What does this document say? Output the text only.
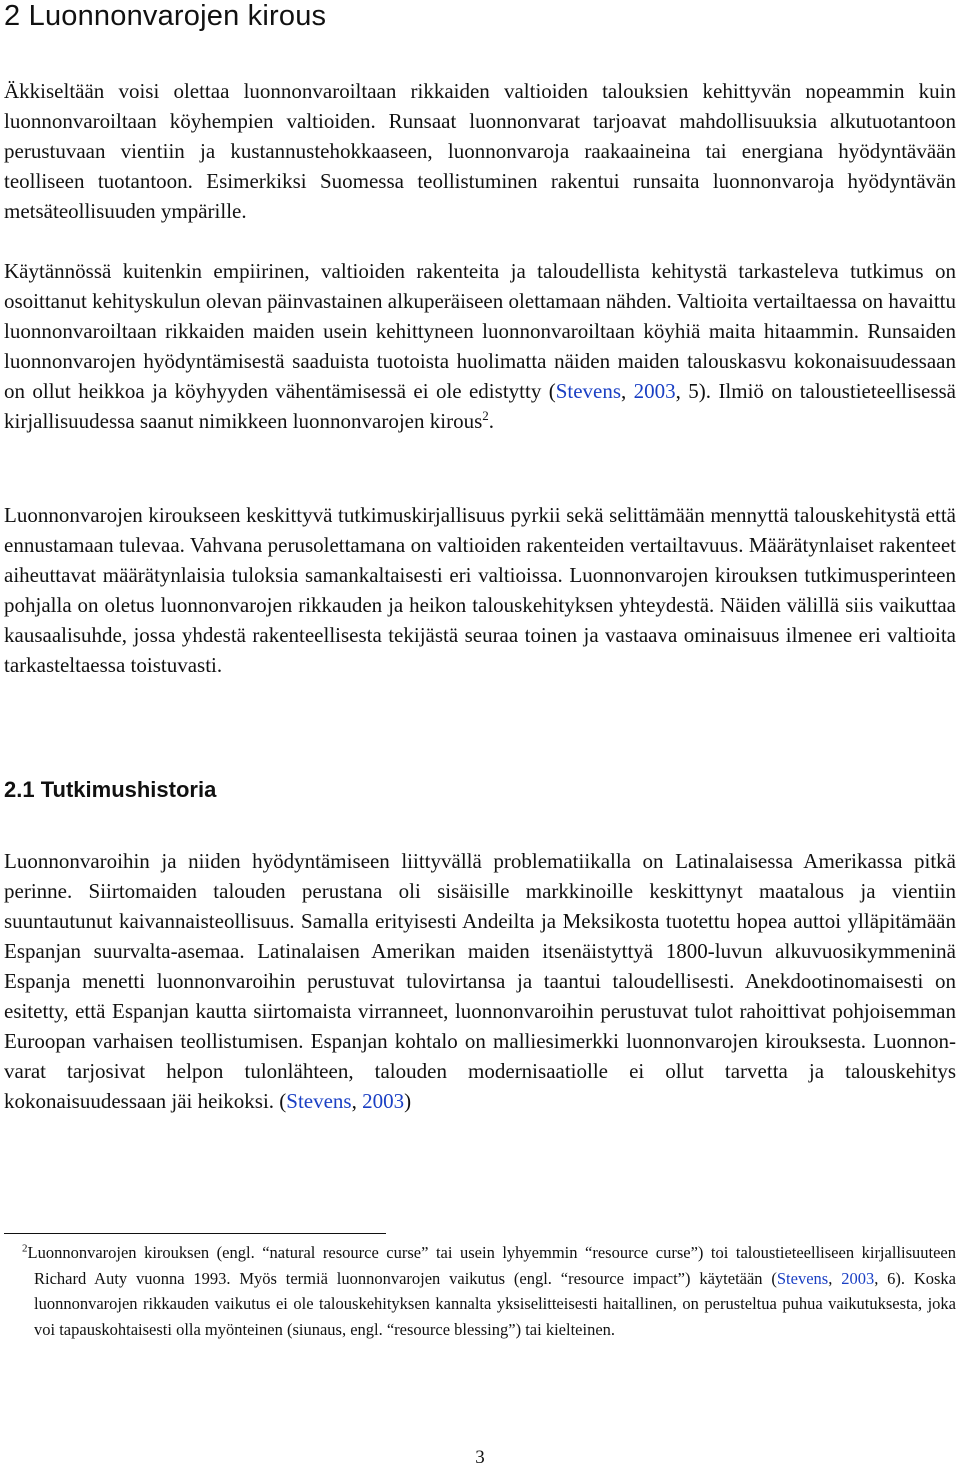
2 Luonnonvarojen kirous

Äkkiseltään voisi olettaa luonnonvaroiltaan rikkaiden valtioiden talouksien kehittyvän nopeammin kuin luonnonvaroiltaan köyhempien valtioiden. Runsaat luonnonvarat tarjoavat mahdollisuuksia alkutuotantoon perustuvaan vientiin ja kustannustehokkaaseen, luonnonvaroja raakaaineina tai energiana hyödyntävään teolliseen tuotantoon. Esimerkiksi Suomessa teollistuminen rakentui runsaita luonnonvaroja hyödyntävän metsäteollisuuden ympärille.

Käytännössä kuitenkin empiirinen, valtioiden rakenteita ja taloudellista kehitystä tarkasteleva tutkimus on osoittanut kehityskulun olevan päinvastainen alkuperäiseen olettamaan nähden. Valtioita vertailtaessa on havaittu luonnonvaroiltaan rikkaiden maiden usein kehittyneen luonnonvaroiltaan köyhiä maita hitaammin. Runsaiden luonnonvarojen hyödyntämisestä saaduista tuotoista huolimatta näiden maiden talouskasvu kokonaisuudessaan on ollut heikkoa ja köyhyyden vähentämisessä ei ole edistytty (Stevens, 2003, 5). Ilmiö on taloustieteellisessä kirjallisuudessa saanut nimikkeen luonnonvarojen kirous$^2$.

Luonnonvarojen kiroukseen keskittyvä tutkimuskirjallisuus pyrkii sekä selittämään mennyttä talouskehitystä että ennustamaan tulevaa. Vahvana perusolettamana on valtioiden rakenteiden vertailtavuus. Määrätynlaiset rakenteet aiheuttavat määrätynlaisia tuloksia samankaltaisesti eri valtioissa. Luonnonvarojen kirouksen tutkimusperinteen pohjalla on oletus luonnonvarojen rikkauden ja heikon talouskehityksen yhteydestä. Näiden välillä siis vaikuttaa kausaalisuhde, jossa yhdestä rakenteellisesta tekijästä seuraa toinen ja vastaava ominaisuus ilmenee eri valtioita tarkasteltaessa toistuvasti.

2.1 Tutkimushistoria

Luonnonvaroihin ja niiden hyödyntämiseen liittyvällä problematiikalla on Latinalaisessa Amerikassa pitkä perinne. Siirtomaiden talouden perustana oli sisäisille markkinoille keskittynyt maatalous ja vientiin suuntautunut kaivannaisteollisuus. Samalla erityisesti Andeilta ja Meksikosta tuotettu hopea auttoi ylläpitämään Espanjan suurvalta-asemaa. Latinalaisen Amerikan maiden itsenäistyttyä 1800-luvun alkuvuosikymmeninä Espanja menetti luonnonvaroihin perustuvat tulovirtansa ja taantui taloudellisesti. Anekdootinomaisesti on esitetty, että Espanjan kautta siirtomaista virranneet, luonnonvaroihin perustuvat tulot rahoittivat pohjoisemman Euroopan varhaisen teollistumisen. Espanjan kohtalo on malliesimerkki luonnonvarojen kirouksesta. Luonnonvarat tarjosivat helpon tulonlähteen, talouden modernisaatiolle ei ollut tarvetta ja talouskehitys kokonaisuudessaan jäi heikoksi. (Stevens, 2003)

$^2$Luonnonvarojen kirouksen (engl. “natural resource curse” tai usein lyhyemmin “resource curse”) toi taloustieteelliseen kirjallisuuteen Richard Auty vuonna 1993. Myös termiä luonnonvarojen vaikutus (engl. “resource impact”) käytetään (Stevens, 2003, 6). Koska luonnonvarojen rikkauden vaikutus ei ole talouskehityksen kannalta yksiselitteisesti haitallinen, on perusteltua puhua vaikutuksesta, joka voi tapauskohtaisesti olla myönteinen (siunaus, engl. “resource blessing”) tai kielteinen.

3
